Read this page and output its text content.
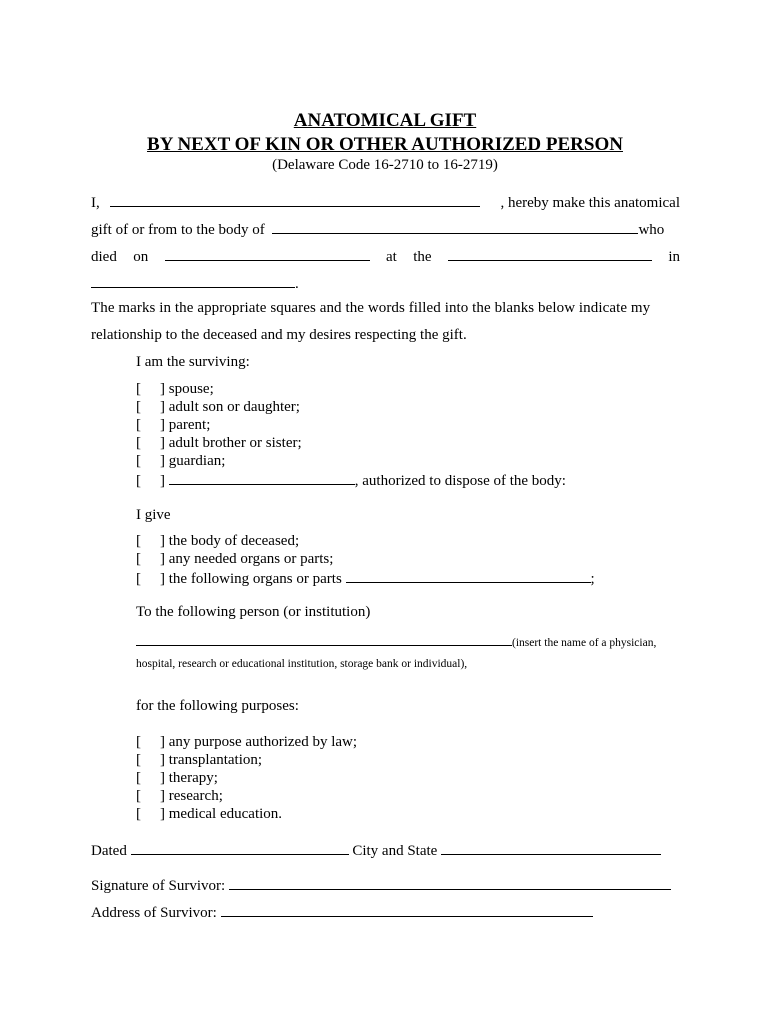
ANATOMICAL GIFT
BY NEXT OF KIN OR OTHER AUTHORIZED PERSON
(Delaware Code 16-2710 to 16-2719)
I,	, hereby make this anatomical
gift of or from to the body of	who
died on	at the	in
.
The marks in the appropriate squares and the words filled into the blanks below indicate my
relationship to the deceased and my desires respecting the gift.
I am the surviving:
[ ] spouse;
[ ] adult son or daughter;
[ ] parent;
[ ] adult brother or sister;
[ ] guardian;
[ ]	, authorized to dispose of the body:
I give
[ ] the body of deceased;
[ ] any needed organs or parts;
[ ] the following organs or parts	;
To the following person (or institution)
(insert the name of a physician,
hospital, research or educational institution, storage bank or individual),
for the following purposes:
[ ] any purpose authorized by law;
[ ] transplantation;
[ ] therapy;
[ ] research;
[ ] medical education.
Dated	City and State
Signature of Survivor:
Address of Survivor:
